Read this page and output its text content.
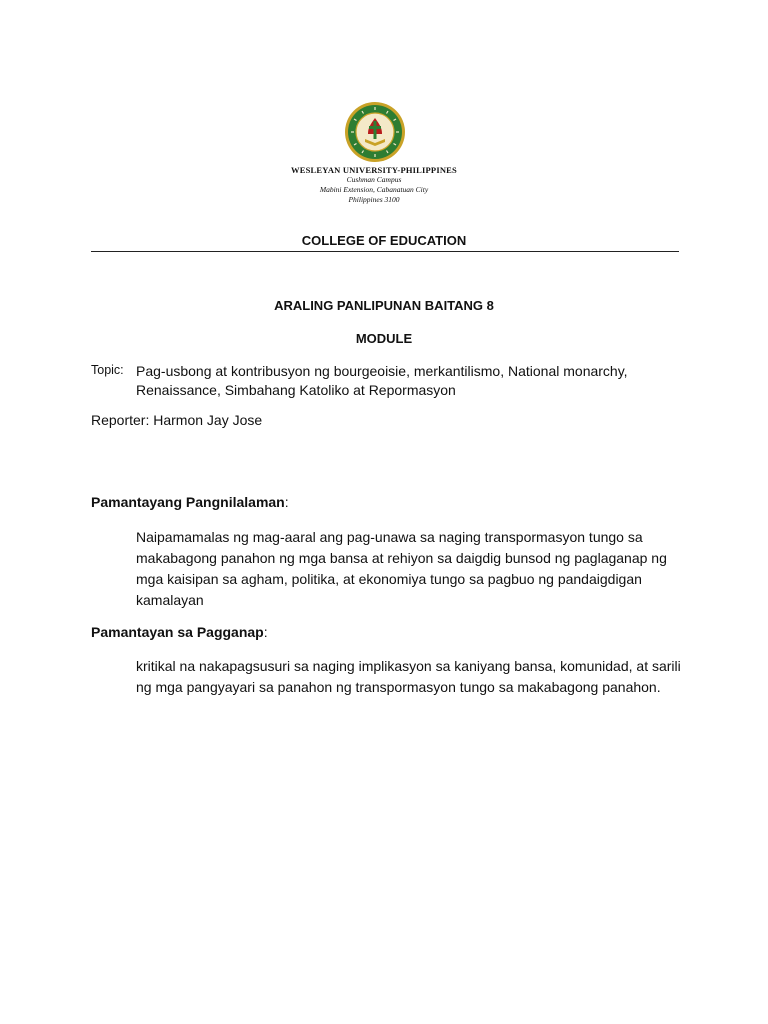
WESLEYAN UNIVERSITY-PHILIPPINES
Cushman Campus
Mabini Extension, Cabanatuan City
Philippines 3100
COLLEGE OF EDUCATION
ARALING PANLIPUNAN BAITANG 8
MODULE
Topic: Pag-usbong at kontribusyon ng bourgeoisie, merkantilismo, National monarchy, Renaissance, Simbahang Katoliko at Repormasyon
Reporter: Harmon Jay Jose
Pamantayang Pangnilalaman:
Naipamamalas ng mag-aaral ang pag-unawa sa naging transpormasyon tungo sa makabagong panahon ng mga bansa at rehiyon sa daigdig bunsod ng paglaganap ng mga kaisipan sa agham, politika, at ekonomiya tungo sa pagbuo ng pandaigdigan kamalayan
Pamantayan sa Pagganap:
kritikal na nakapagsusuri sa naging implikasyon sa kaniyang bansa, komunidad, at sarili ng mga pangyayari sa panahon ng transpormasyon tungo sa makabagong panahon.
